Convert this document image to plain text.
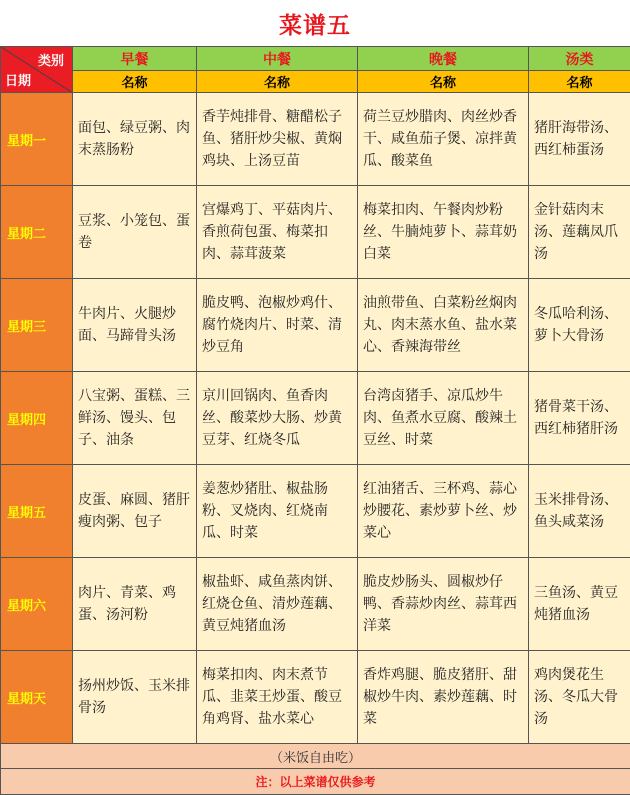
菜谱五
类别
日期	早餐	中餐	晚餐	汤类
	名称	名称	名称	名称
星期一	面包、绿豆粥、肉末蒸肠粉	香芋炖排骨、糖醋松子鱼、猪肝炒尖椒、黄焖鸡块、上汤豆苗	荷兰豆炒腊肉、肉丝炒香干、咸鱼茄子煲、凉拌黄瓜、酸菜鱼	猪肝海带汤、西红柿蛋汤
星期二	豆浆、小笼包、蛋卷	宫爆鸡丁、平菇肉片、香煎荷包蛋、梅菜扣肉、蒜茸菠菜	梅菜扣肉、午餐肉炒粉丝、牛腩炖萝卜、蒜茸奶白菜	金针菇肉末汤、莲藕凤爪汤
星期三	牛肉片、火腿炒面、马蹄骨头汤	脆皮鸭、泡椒炒鸡什、腐竹烧肉片、时菜、清炒豆角	油煎带鱼、白菜粉丝焖肉丸、肉末蒸水鱼、盐水菜心、香辣海带丝	冬瓜哈利汤、萝卜大骨汤
星期四	八宝粥、蛋糕、三鲜汤、馒头、包子、油条	京川回锅肉、鱼香肉丝、酸菜炒大肠、炒黄豆芽、红烧冬瓜	台湾卤猪手、凉瓜炒牛肉、鱼煮水豆腐、酸辣土豆丝、时菜	猪骨菜干汤、西红柿猪肝汤
星期五	皮蛋、麻圆、猪肝瘦肉粥、包子	姜葱炒猪肚、椒盐肠粉、叉烧肉、红烧南瓜、时菜	红油猪舌、三杯鸡、蒜心炒腰花、素炒萝卜丝、炒菜心	玉米排骨汤、鱼头咸菜汤
星期六	肉片、青菜、鸡蛋、汤河粉	椒盐虾、咸鱼蒸肉饼、红烧仓鱼、清炒莲藕、黄豆炖猪血汤	脆皮炒肠头、圆椒炒仔鸭、香蒜炒肉丝、蒜茸西洋菜	三鱼汤、黄豆炖猪血汤
星期天	扬州炒饭、玉米排骨汤	梅菜扣肉、肉末煮节瓜、韭菜王炒蛋、酸豆角鸡肾、盐水菜心	香炸鸡腿、脆皮猪肝、甜椒炒牛肉、素炒莲藕、时菜	鸡肉煲花生汤、冬瓜大骨汤
（米饭自由吃）				
注：以上菜谱仅供参考				
